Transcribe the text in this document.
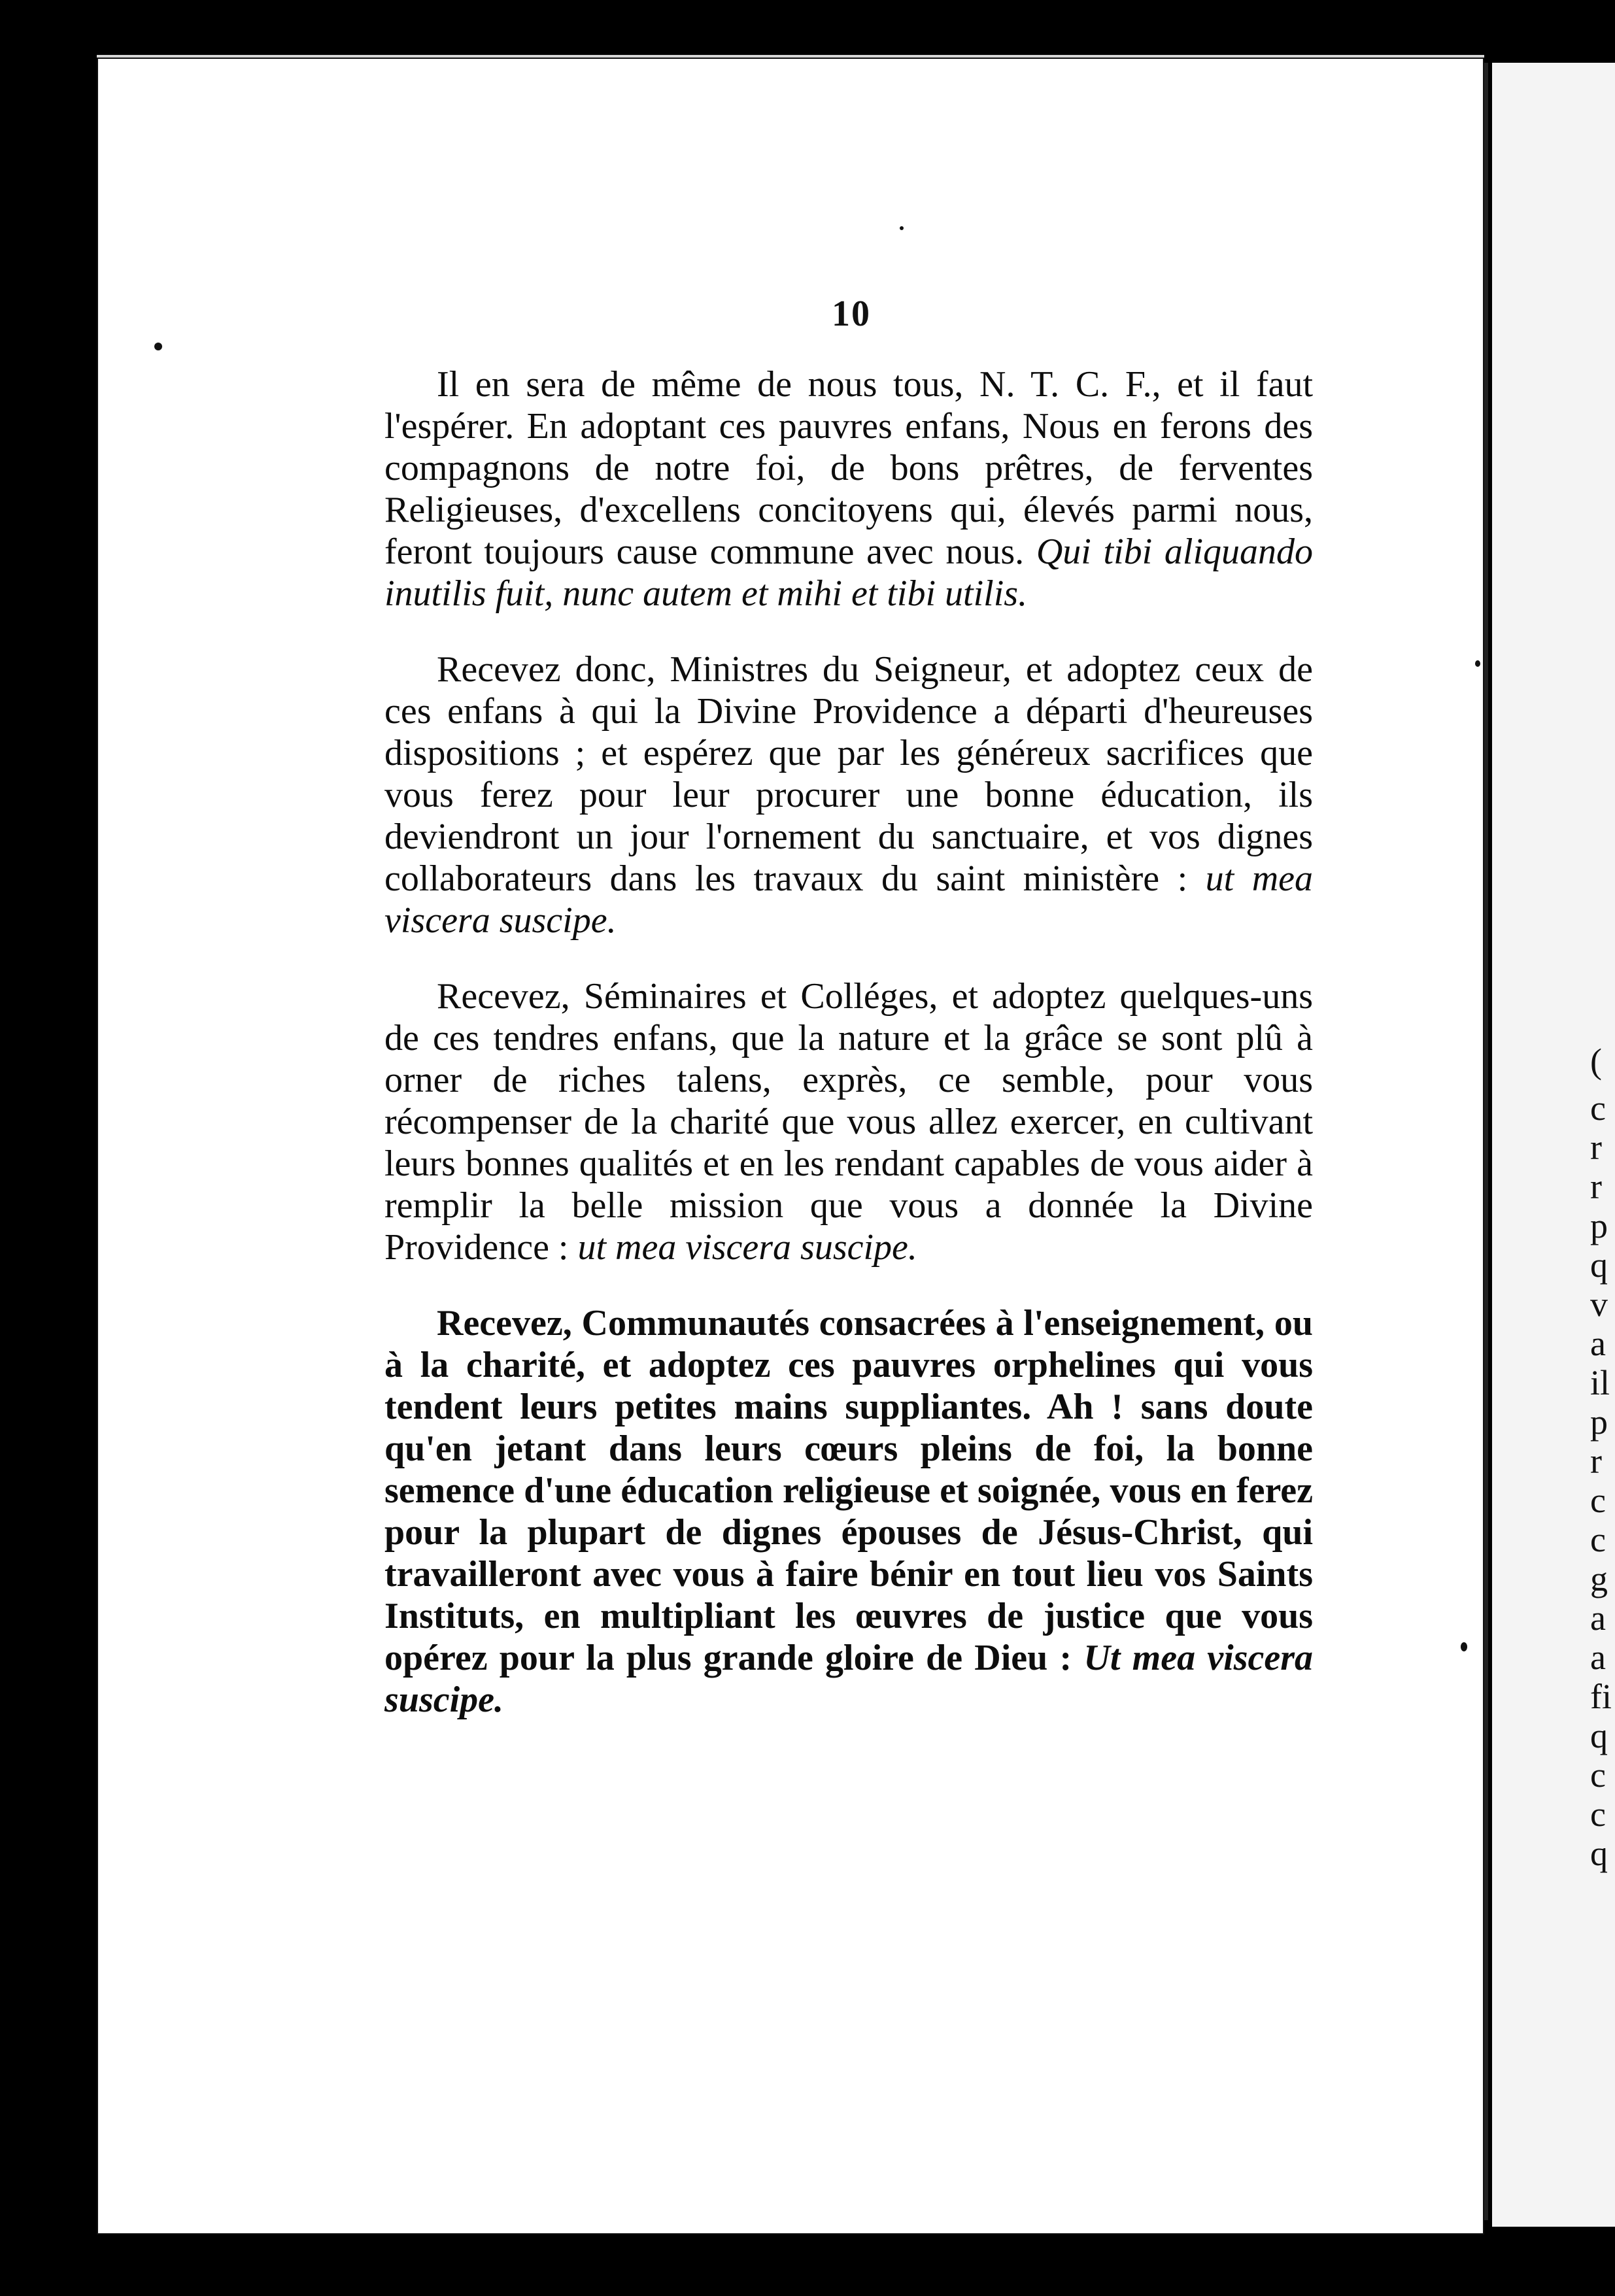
(
c
r
r
p
q
v
a
il
p
r
c
c
g
a
a
fi
q
c
c
q
10

Il en sera de même de nous tous, N. T. C. F., et il faut l'espérer. En adoptant ces pauvres enfans, Nous en ferons des compagnons de notre foi, de bons prêtres, de ferventes Religieuses, d'excellens concitoyens qui, élevés parmi nous, feront toujours cause commune avec nous. Qui tibi aliquando inutilis fuit, nunc autem et mihi et tibi utilis.

Recevez donc, Ministres du Seigneur, et adoptez ceux de ces enfans à qui la Divine Providence a départi d'heureuses dispositions ; et espérez que par les généreux sacrifices que vous ferez pour leur procurer une bonne éducation, ils deviendront un jour l'ornement du sanctuaire, et vos dignes collaborateurs dans les travaux du saint ministère : ut mea viscera suscipe.

Recevez, Séminaires et Colléges, et adoptez quelques-uns de ces tendres enfans, que la nature et la grâce se sont plû à orner de riches talens, exprès, ce semble, pour vous récompenser de la charité que vous allez exercer, en cultivant leurs bonnes qualités et en les rendant capables de vous aider à remplir la belle mission que vous a donnée la Divine Providence : ut mea viscera suscipe.

Recevez, Communautés consacrées à l'enseignement, ou à la charité, et adoptez ces pauvres orphelines qui vous tendent leurs petites mains suppliantes. Ah ! sans doute qu'en jetant dans leurs cœurs pleins de foi, la bonne semence d'une éducation religieuse et soignée, vous en ferez pour la plupart de dignes épouses de Jésus-Christ, qui travailleront avec vous à faire bénir en tout lieu vos Saints Instituts, en multipliant les œuvres de justice que vous opérez pour la plus grande gloire de Dieu : Ut mea viscera suscipe.
